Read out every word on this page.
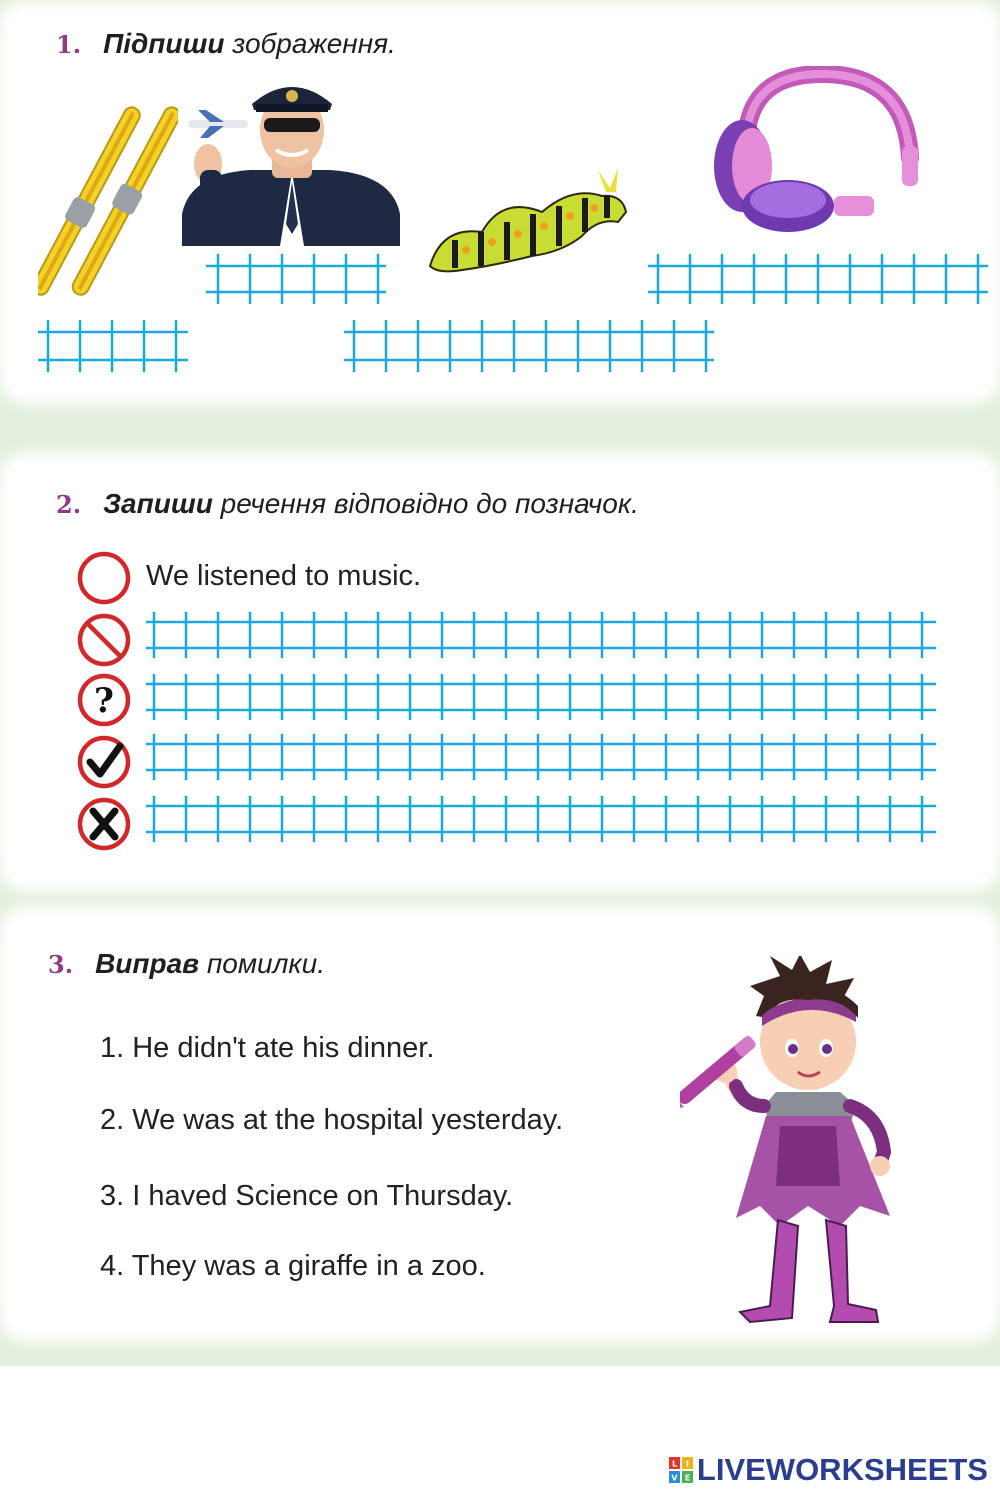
1. Підпиши зображення.
2. Запиши речення відповідно до позначок.
We listened to music.
?
3. Виправ помилки.
1. He didn't ate his dinner.
2. We was at the hospital yesterday.
3. I haved Science on Thursday.
4. They was a giraffe in a zoo.
L I
V E LIVEWORKSHEETS
